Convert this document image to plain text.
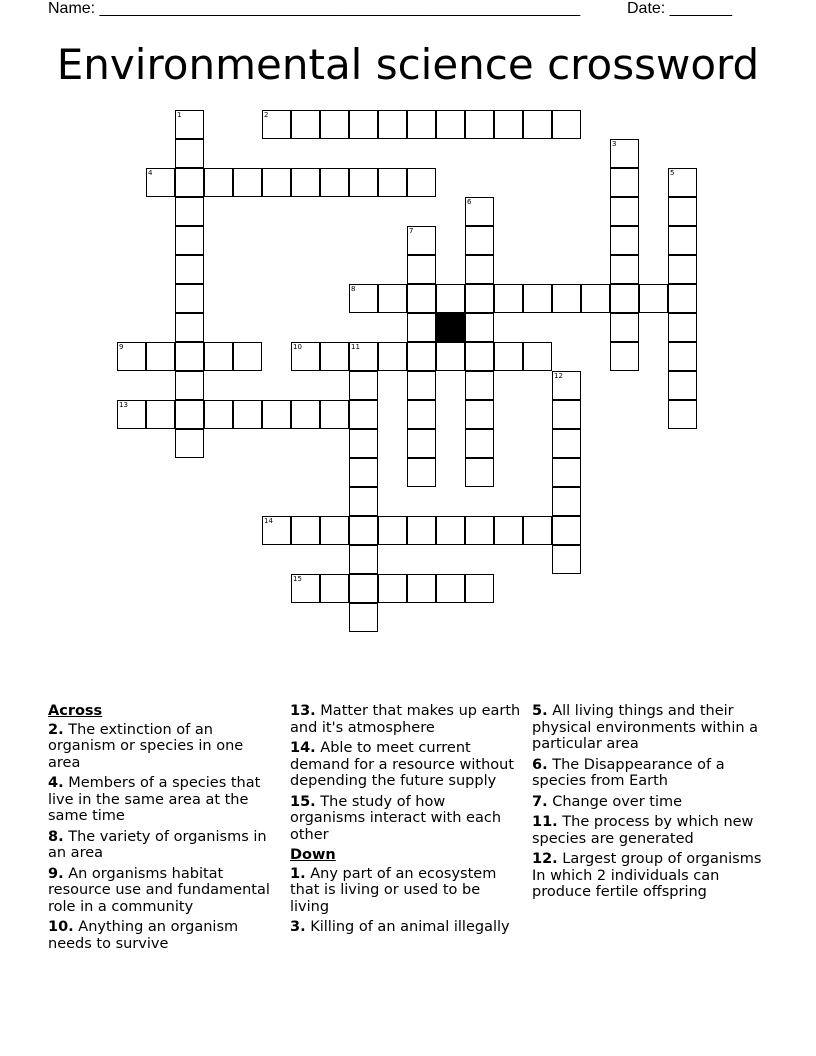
Name: ______________________________________________________	Date: _______
Environmental science crossword
1	2
3
4	5
6
7
8
9	10	11
12
13
14
15
Across
2. The extinction of an organism or species in one area
4. Members of a species that live in the same area at the same time
8. The variety of organisms in an area
9. An organisms habitat resource use and fundamental role in a community
10. Anything an organism needs to survive
13. Matter that makes up earth and it's atmosphere
14. Able to meet current demand for a resource without depending the future supply
15. The study of how organisms interact with each other
Down
1. Any part of an ecosystem that is living or used to be living
3. Killing of an animal illegally
5. All living things and their physical environments within a particular area
6. The Disappearance of a species from Earth
7. Change over time
11. The process by which new species are generated
12. Largest group of organisms In which 2 individuals can produce fertile offspring
